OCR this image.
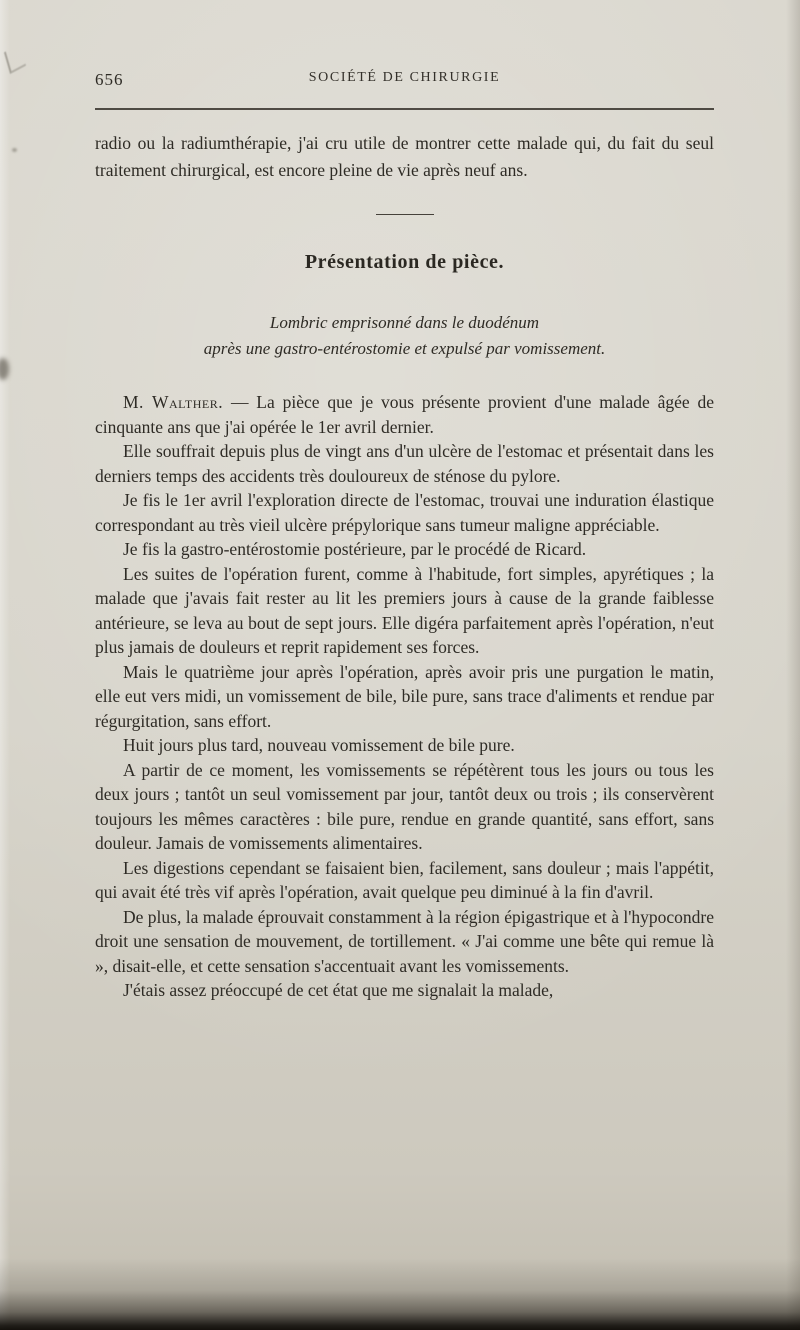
656	SOCIÉTÉ DE CHIRURGIE

radio ou la radiumthérapie, j'ai cru utile de montrer cette malade qui, du fait du seul traitement chirurgical, est encore pleine de vie après neuf ans.

Présentation de pièce.
Lombric emprisonné dans le duodénum
après une gastro-entérostomie et expulsé par vomissement.

M. Walther. — La pièce que je vous présente provient d'une malade âgée de cinquante ans que j'ai opérée le 1er avril dernier.

Elle souffrait depuis plus de vingt ans d'un ulcère de l'estomac et présentait dans les derniers temps des accidents très douloureux de sténose du pylore.

Je fis le 1er avril l'exploration directe de l'estomac, trouvai une induration élastique correspondant au très vieil ulcère prépylorique sans tumeur maligne appréciable.

Je fis la gastro-entérostomie postérieure, par le procédé de Ricard.

Les suites de l'opération furent, comme à l'habitude, fort simples, apyrétiques ; la malade que j'avais fait rester au lit les premiers jours à cause de la grande faiblesse antérieure, se leva au bout de sept jours. Elle digéra parfaitement après l'opération, n'eut plus jamais de douleurs et reprit rapidement ses forces.

Mais le quatrième jour après l'opération, après avoir pris une purgation le matin, elle eut vers midi, un vomissement de bile, bile pure, sans trace d'aliments et rendue par régurgitation, sans effort.

Huit jours plus tard, nouveau vomissement de bile pure.

A partir de ce moment, les vomissements se répétèrent tous les jours ou tous les deux jours ; tantôt un seul vomissement par jour, tantôt deux ou trois ; ils conservèrent toujours les mêmes caractères : bile pure, rendue en grande quantité, sans effort, sans douleur. Jamais de vomissements alimentaires.

Les digestions cependant se faisaient bien, facilement, sans douleur ; mais l'appétit, qui avait été très vif après l'opération, avait quelque peu diminué à la fin d'avril.

De plus, la malade éprouvait constamment à la région épigastrique et à l'hypocondre droit une sensation de mouvement, de tortillement. « J'ai comme une bête qui remue là », disait-elle, et cette sensation s'accentuait avant les vomissements.

J'étais assez préoccupé de cet état que me signalait la malade,
